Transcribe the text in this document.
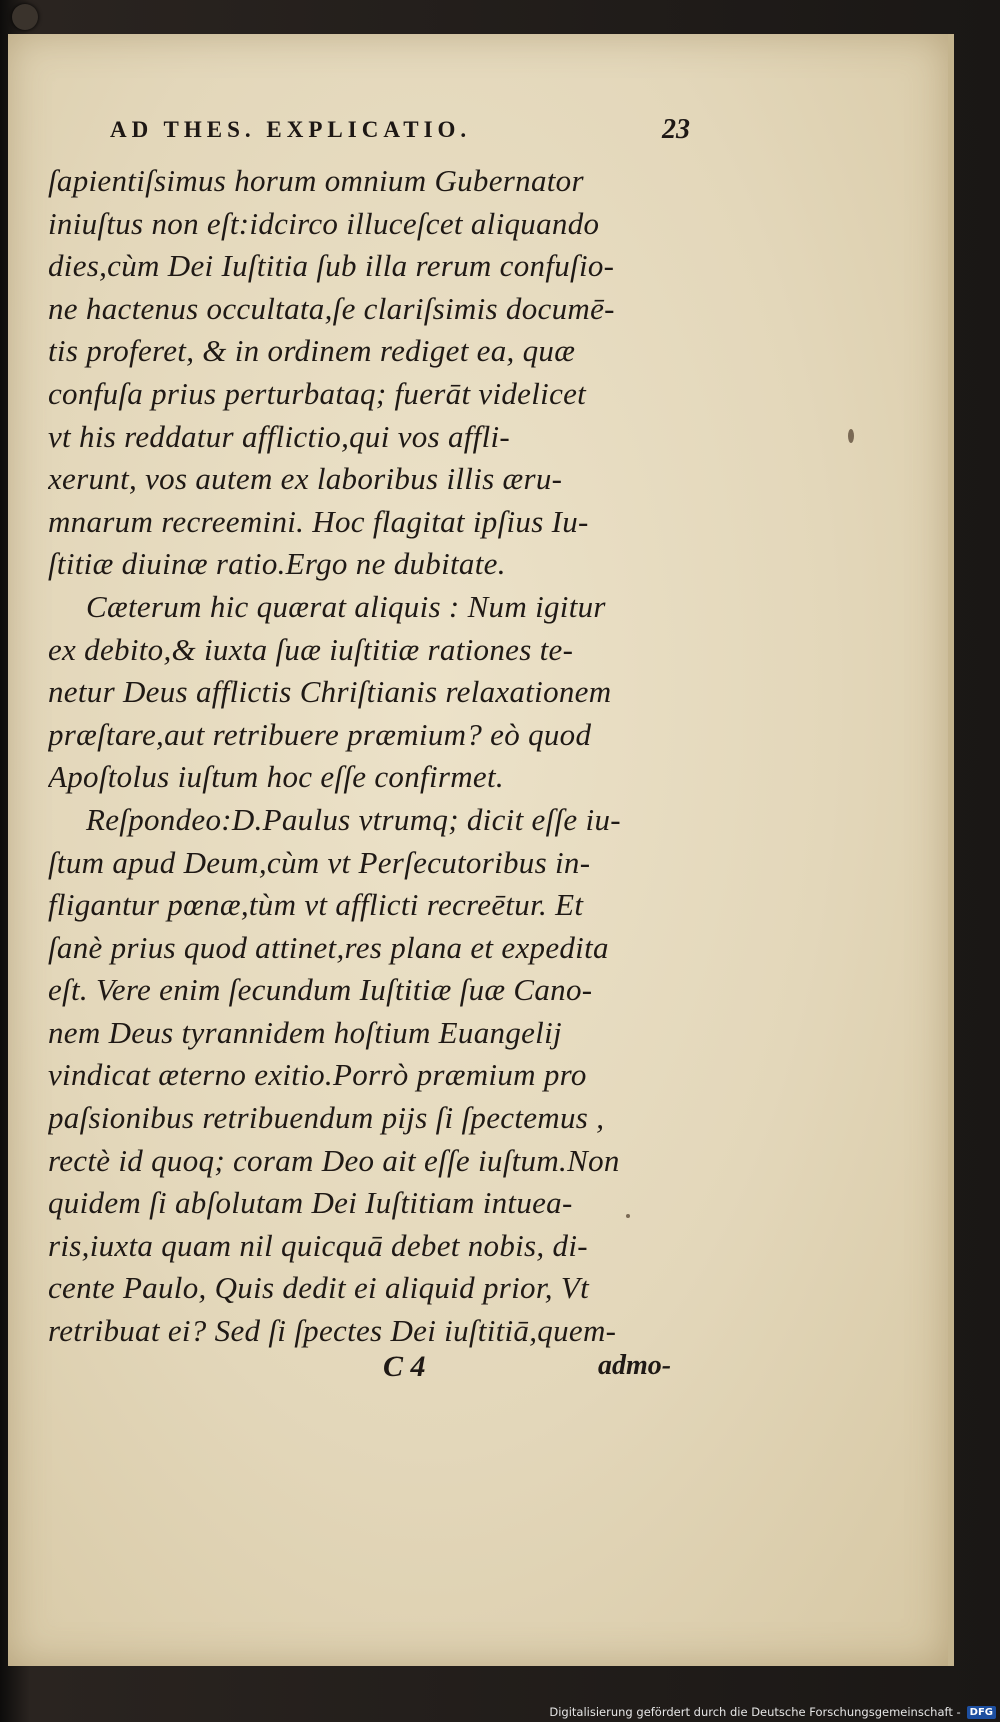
AD THES. EXPLICATIO.	23
ſapientiſsimus horum omnium Gubernator
iniuſtus non eſt:idcirco illuceſcet aliquando
dies,cùm Dei Iuſtitia ſub illa rerum confuſio-
ne hactenus occultata,ſe clariſsimis documē-
tis proferet, & in ordinem rediget ea, quæ
confuſa prius perturbataq; fuerāt videlicet
vt his reddatur afflictio,qui vos affli-
xerunt, vos autem ex laboribus illis æru-
mnarum recreemini. Hoc flagitat ipſius Iu-
ſtitiæ diuinæ ratio.Ergo ne dubitate.
Cæterum hic quærat aliquis : Num igitur
ex debito,& iuxta ſuæ iuſtitiæ rationes te-
netur Deus afflictis Chriſtianis relaxationem
præſtare,aut retribuere præmium? eò quod
Apoſtolus iuſtum hoc eſſe confirmet.
Reſpondeo:D.Paulus vtrumq; dicit eſſe iu-
ſtum apud Deum,cùm vt Perſecutoribus in-
fligantur pœnæ,tùm vt afflicti recreētur. Et
ſanè prius quod attinet,res plana et expedita
eſt. Vere enim ſecundum Iuſtitiæ ſuæ Cano-
nem Deus tyrannidem hoſtium Euangelij
vindicat æterno exitio.Porrò præmium pro
paſsionibus retribuendum pijs ſi ſpectemus ,
rectè id quoq; coram Deo ait eſſe iuſtum.Non
quidem ſi abſolutam Dei Iuſtitiam intuea-
ris,iuxta quam nil quicquā debet nobis, di-
cente Paulo, Quis dedit ei aliquid prior, Vt
retribuat ei? Sed ſi ſpectes Dei iuſtitiā,quem-
C 4	admo-
Digitalisierung gefördert durch die Deutsche Forschungsgemeinschaft - DFG
